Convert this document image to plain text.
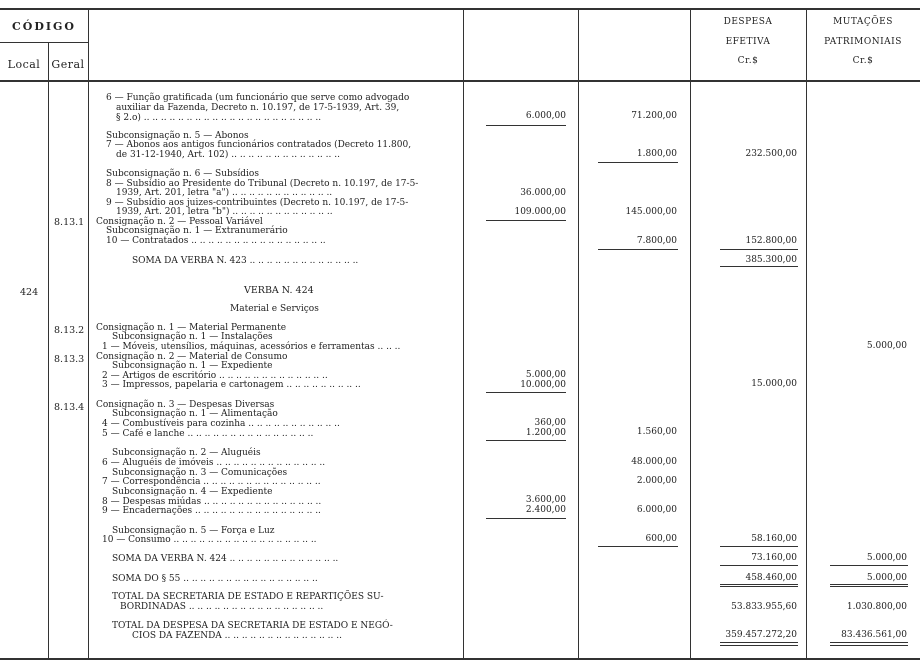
CÓDIGO
Local	Geral
DESPESA
EFETIVA
Cr.$
MUTAÇÕES
PATRIMONIAIS
Cr.$
8.13.1
424
8.13.2
8.13.3
8.13.4
6 — Função gratificada (um funcionário que serve como advogado
auxiliar da Fazenda, Decreto n. 10.197, de 17-5-1939, Art. 39,
§ 2.o) .. .. .. .. .. .. .. .. .. .. .. .. .. .. .. .. .. .. .. .. ..
Subconsignação n. 5 — Abonos
7 — Abonos aos antigos funcionários contratados (Decreto 11.800,
de 31-12-1940, Art. 102) .. .. .. .. .. .. .. .. .. .. .. .. ..
Subconsignação n. 6 — Subsídios
8 — Subsídio ao Presidente do Tribunal (Decreto n. 10.197, de 17-5-
1939, Art. 201, letra "a") .. .. .. .. .. .. .. .. .. .. .. ..
9 — Subsídio aos juizes-contribuintes (Decreto n. 10.197, de 17-5-
1939, Art. 201, letra "b") .. .. .. .. .. .. .. .. .. .. .. ..
Consignação n. 2 — Pessoal Variável
Subconsignação n. 1 — Extranumerário
10 — Contratados .. .. .. .. .. .. .. .. .. .. .. .. .. .. .. ..
SOMA DA VERBA N. 423 .. .. .. .. .. .. .. .. .. .. .. .. ..
VERBA N. 424
Material e Serviços
Consignação n. 1 — Material Permanente
Subconsignação n. 1 — Instalações
1 — Móveis, utensílios, máquinas, acessórios e ferramentas .. .. ..
Consignação n. 2 — Material de Consumo
Subconsignação n. 1 — Expediente
2 — Artigos de escritório .. .. .. .. .. .. .. .. .. .. .. .. ..
3 — Impressos, papelaria e cartonagem .. .. .. .. .. .. .. .. ..
Consignação n. 3 — Despesas Diversas
Subconsignação n. 1 — Alimentação
4 — Combustíveis para cozinha .. .. .. .. .. .. .. .. .. .. ..
5 — Café e lanche .. .. .. .. .. .. .. .. .. .. .. .. .. .. ..
Subconsignação n. 2 — Aluguéis
6 — Aluguéis de imóveis .. .. .. .. .. .. .. .. .. .. .. .. ..
Subconsignação n. 3 — Comunicações
7 — Correspondência .. .. .. .. .. .. .. .. .. .. .. .. .. ..
Subconsignação n. 4 — Expediente
8 — Despesas miúdas .. .. .. .. .. .. .. .. .. .. .. .. .. ..
9 — Encadernações .. .. .. .. .. .. .. .. .. .. .. .. .. .. ..
Subconsignação n. 5 — Força e Luz
10 — Consumo .. .. .. .. .. .. .. .. .. .. .. .. .. .. .. .. ..
SOMA DA VERBA N. 424 .. .. .. .. .. .. .. .. .. .. .. .. ..
SOMA DO § 55 .. .. .. .. .. .. .. .. .. .. .. .. .. .. .. ..
TOTAL DA SECRETARIA DE ESTADO E REPARTIÇÕES SU-
BORDINADAS .. .. .. .. .. .. .. .. .. .. .. .. .. .. .. ..
TOTAL DA DESPESA DA SECRETARIA DE ESTADO E NEGÓ-
CIOS DA FAZENDA .. .. .. .. .. .. .. .. .. .. .. .. .. ..
6.000,00
36.000,00
109.000,00
5.000,00
10.000,00
360,00
1.200,00
3.600,00
2.400,00
71.200,00
1.800,00
145.000,00
7.800,00
1.560,00
48.000,00
2.000,00
6.000,00
600,00
232.500,00
152.800,00
385.300,00
15.000,00
58.160,00
73.160,00
458.460,00
53.833.955,60
359.457.272,20
5.000,00
5.000,00
5.000,00
1.030.800,00
83.436.561,00
